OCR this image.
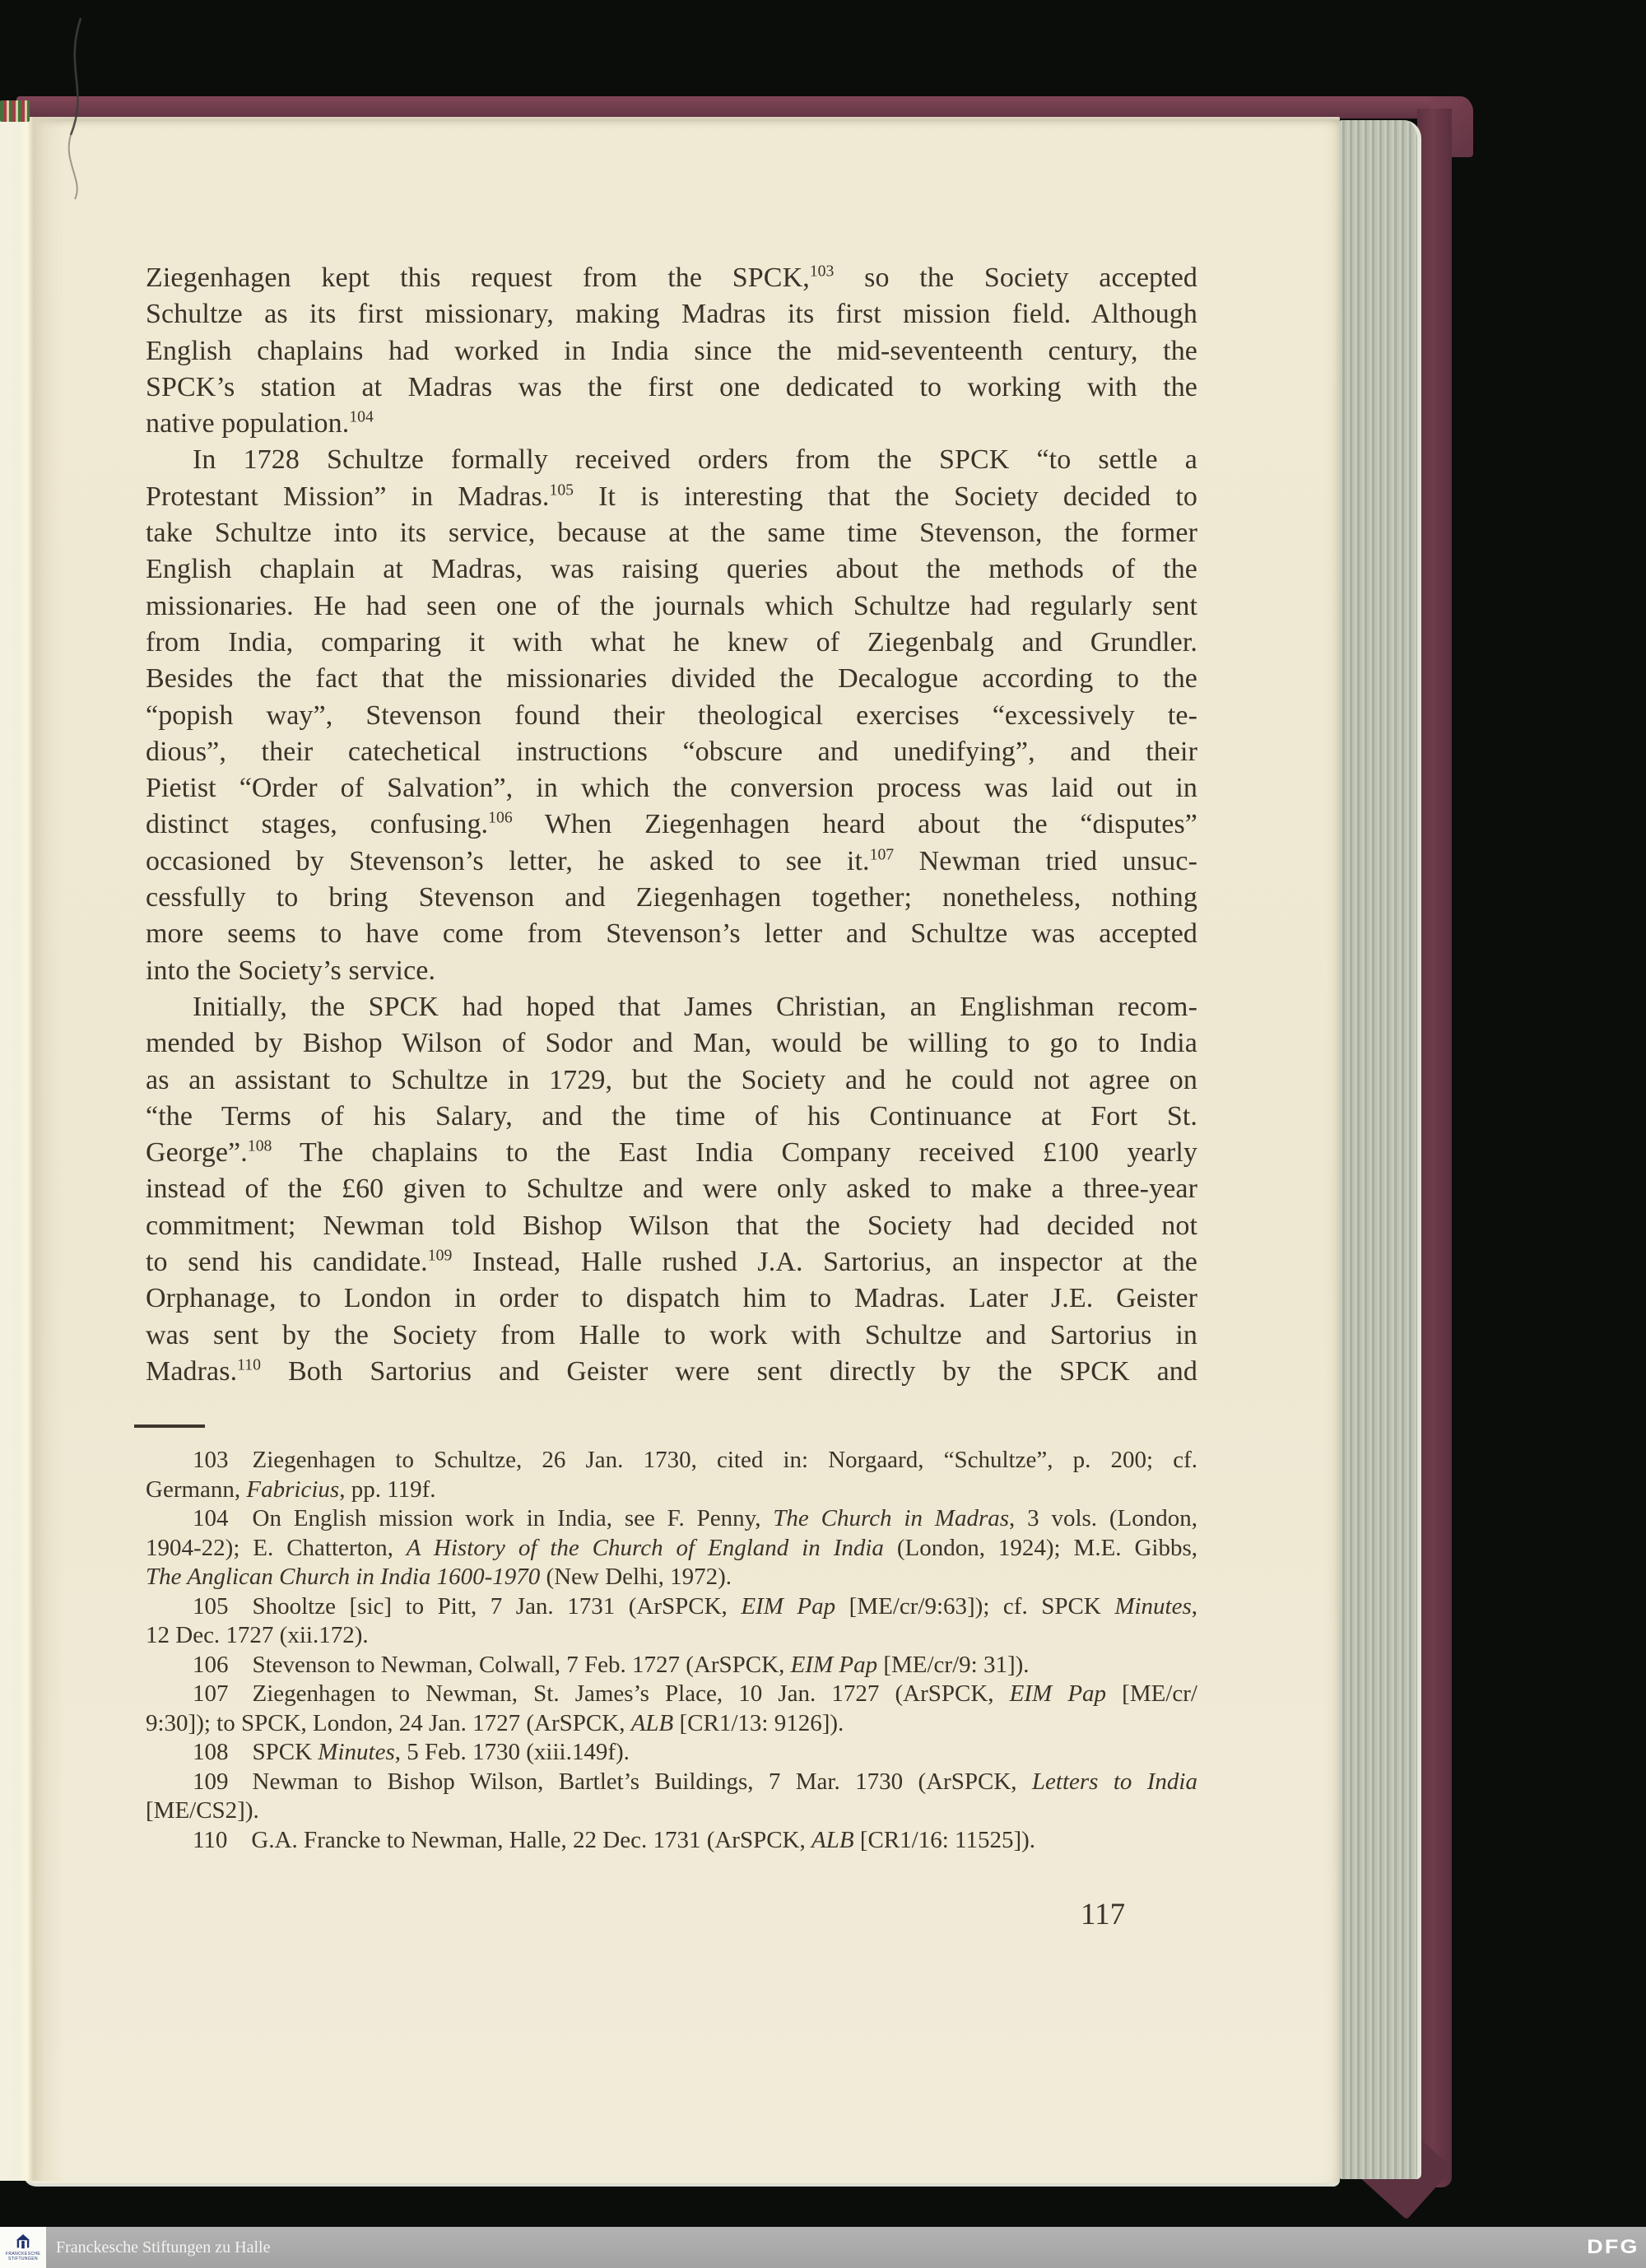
Ziegenhagen kept this request from the SPCK,$^{103}$ so the Society accepted
Schultze as its first missionary, making Madras its first mission field. Although
English chaplains had worked in India since the mid-seventeenth century, the
SPCK’s station at Madras was the first one dedicated to working with the
native population.$^{104}$
In 1728 Schultze formally received orders from the SPCK “to settle a
Protestant Mission” in Madras.$^{105}$ It is interesting that the Society decided to
take Schultze into its service, because at the same time Stevenson, the former
English chaplain at Madras, was raising queries about the methods of the
missionaries. He had seen one of the journals which Schultze had regularly sent
from India, comparing it with what he knew of Ziegenbalg and Grundler.
Besides the fact that the missionaries divided the Decalogue according to the
“popish way”, Stevenson found their theological exercises “excessively te-
dious”, their catechetical instructions “obscure and unedifying”, and their
Pietist “Order of Salvation”, in which the conversion process was laid out in
distinct stages, confusing.$^{106}$ When Ziegenhagen heard about the “disputes”
occasioned by Stevenson’s letter, he asked to see it.$^{107}$ Newman tried unsuc-
cessfully to bring Stevenson and Ziegenhagen together; nonetheless, nothing
more seems to have come from Stevenson’s letter and Schultze was accepted
into the Society’s service.
Initially, the SPCK had hoped that James Christian, an Englishman recom-
mended by Bishop Wilson of Sodor and Man, would be willing to go to India
as an assistant to Schultze in 1729, but the Society and he could not agree on
“the Terms of his Salary, and the time of his Continuance at Fort St.
George”.$^{108}$ The chaplains to the East India Company received £100 yearly
instead of the £60 given to Schultze and were only asked to make a three-year
commitment; Newman told Bishop Wilson that the Society had decided not
to send his candidate.$^{109}$ Instead, Halle rushed J.A. Sartorius, an inspector at the
Orphanage, to London in order to dispatch him to Madras. Later J.E. Geister
was sent by the Society from Halle to work with Schultze and Sartorius in
Madras.$^{110}$ Both Sartorius and Geister were sent directly by the SPCK and
103  Ziegenhagen to Schultze, 26 Jan. 1730, cited in: Norgaard, “Schultze”, p. 200; cf.
Germann, Fabricius, pp. 119f.
104  On English mission work in India, see F. Penny, The Church in Madras, 3 vols. (London,
1904-22); E. Chatterton, A History of the Church of England in India (London, 1924); M.E. Gibbs,
The Anglican Church in India 1600-1970 (New Delhi, 1972).
105  Shooltze [sic] to Pitt, 7 Jan. 1731 (ArSPCK, EIM Pap [ME/cr/9:63]); cf. SPCK Minutes,
12 Dec. 1727 (xii.172).
106  Stevenson to Newman, Colwall, 7 Feb. 1727 (ArSPCK, EIM Pap [ME/cr/9: 31]).
107  Ziegenhagen to Newman, St. James’s Place, 10 Jan. 1727 (ArSPCK, EIM Pap [ME/cr/
9:30]); to SPCK, London, 24 Jan. 1727 (ArSPCK, ALB [CR1/13: 9126]).
108  SPCK Minutes, 5 Feb. 1730 (xiii.149f).
109  Newman to Bishop Wilson, Bartlet’s Buildings, 7 Mar. 1730 (ArSPCK, Letters to India
[ME/CS2]).
110  G.A. Francke to Newman, Halle, 22 Dec. 1731 (ArSPCK, ALB [CR1/16: 11525]).
117
FRANCKESCHE
STIFTUNGEN
Franckesche Stiftungen zu Halle	DFG
